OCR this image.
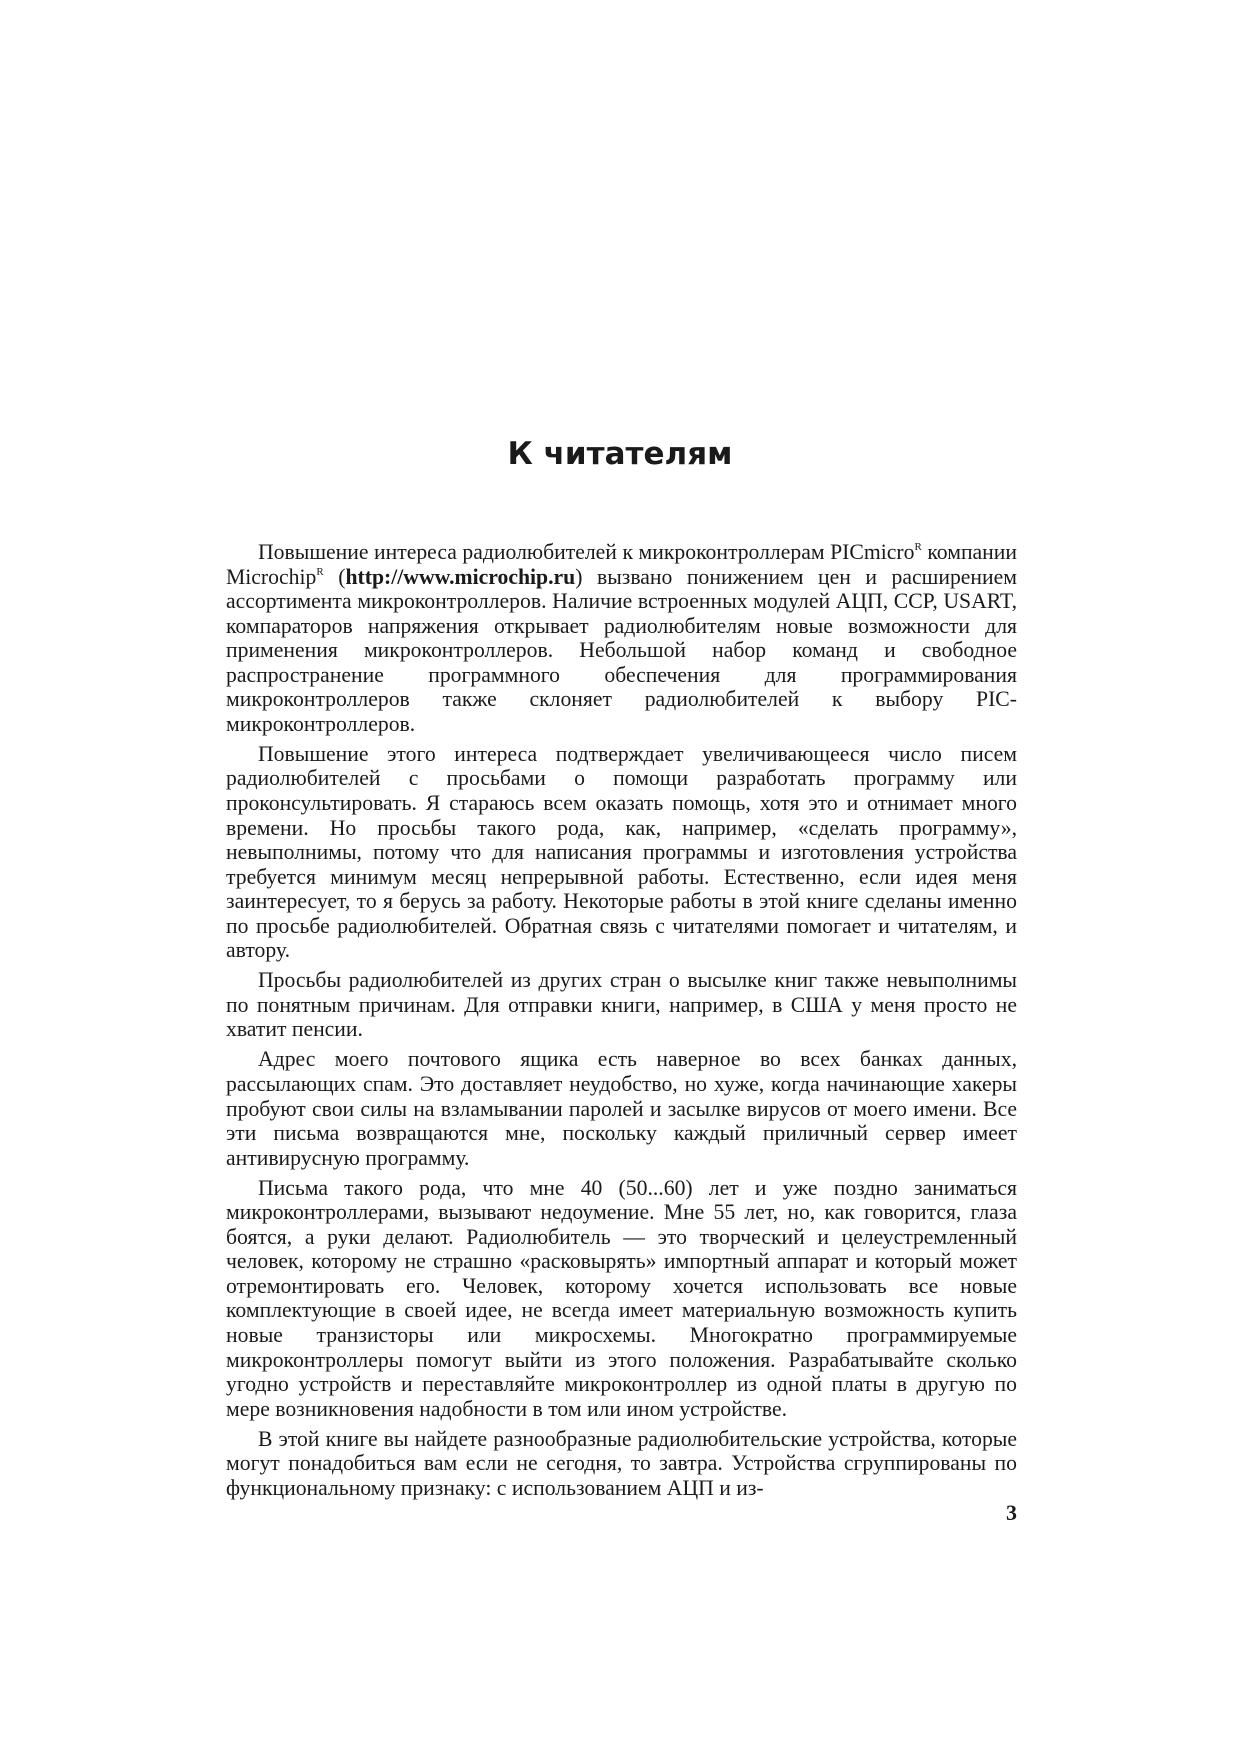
К читателям

Повышение интереса радиолюбителей к микроконтроллерам PICmicro$^R$ компании Microchip$^R$ (http://www.microchip.ru) вызвано понижением цен и расширением ассортимента микроконтроллеров. Наличие встроенных модулей АЦП, CCP, USART, компараторов напряжения открывает радиолюбителям новые возможности для применения микроконтроллеров. Небольшой набор команд и свободное распространение программного обеспечения для программирования микроконтроллеров также склоняет радиолюбителей к выбору PIC-микроконтроллеров.

Повышение этого интереса подтверждает увеличивающееся число писем радиолюбителей с просьбами о помощи разработать программу или проконсультировать. Я стараюсь всем оказать помощь, хотя это и отнимает много времени. Но просьбы такого рода, как, например, «сделать программу», невыполнимы, потому что для написания программы и изготовления устройства требуется минимум месяц непрерывной работы. Естественно, если идея меня заинтересует, то я берусь за работу. Некоторые работы в этой книге сделаны именно по просьбе радиолюбителей. Обратная связь с читателями помогает и читателям, и автору.

Просьбы радиолюбителей из других стран о высылке книг также невыполнимы по понятным причинам. Для отправки книги, например, в США у меня просто не хватит пенсии.

Адрес моего почтового ящика есть наверное во всех банках данных, рассылающих спам. Это доставляет неудобство, но хуже, когда начинающие хакеры пробуют свои силы на взламывании паролей и засылке вирусов от моего имени. Все эти письма возвращаются мне, поскольку каждый приличный сервер имеет антивирусную программу.

Письма такого рода, что мне 40 (50...60) лет и уже поздно заниматься микроконтроллерами, вызывают недоумение. Мне 55 лет, но, как говорится, глаза боятся, а руки делают. Радиолюбитель — это творческий и целеустремленный человек, которому не страшно «расковырять» импортный аппарат и который может отремонтировать его. Человек, которому хочется использовать все новые комплектующие в своей идее, не всегда имеет материальную возможность купить новые транзисторы или микросхемы. Многократно программируемые микроконтроллеры помогут выйти из этого положения. Разрабатывайте сколько угодно устройств и переставляйте микроконтроллер из одной платы в другую по мере возникновения надобности в том или ином устройстве.

В этой книге вы найдете разнообразные радиолюбительские устройства, которые могут понадобиться вам если не сегодня, то завтра. Устройства сгруппированы по функциональному признаку: с использованием АЦП и из-

3
